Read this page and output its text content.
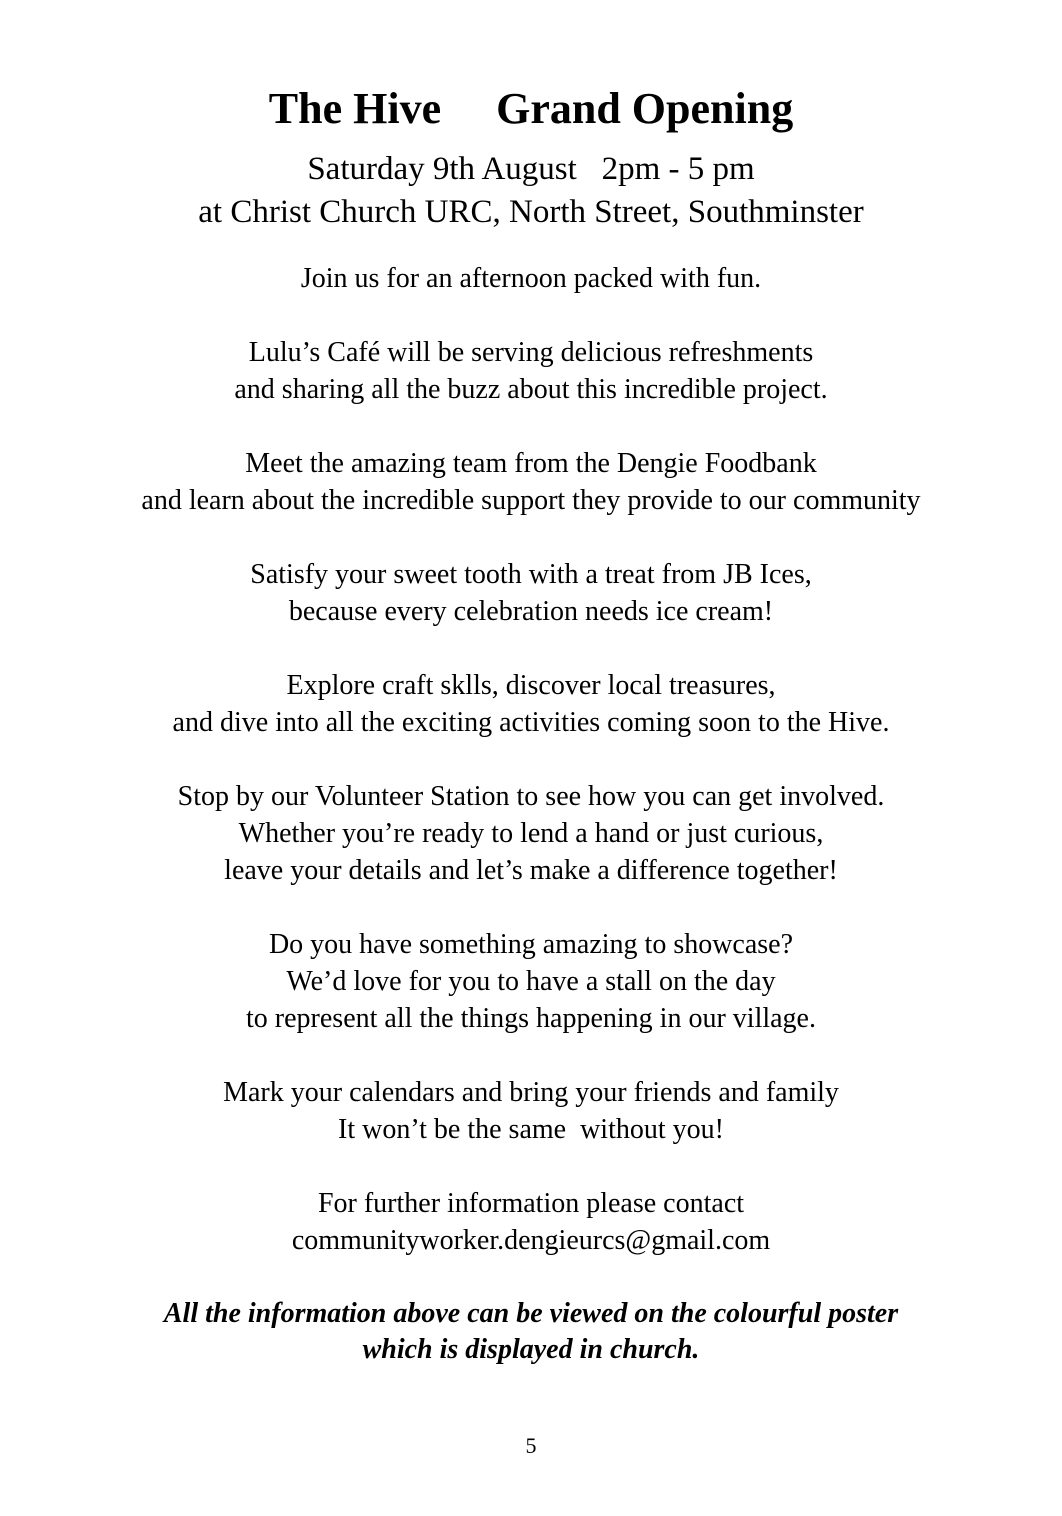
The Hive     Grand Opening
Saturday 9th August   2pm - 5 pm
at Christ Church URC, North Street, Southminster
Join us for an afternoon packed with fun.
Lulu’s Café will be serving delicious refreshments
and sharing all the buzz about this incredible project.
Meet the amazing team from the Dengie Foodbank
and learn about the incredible support they provide to our community
Satisfy your sweet tooth with a treat from JB Ices,
because every celebration needs ice cream!
Explore craft sklls, discover local treasures,
and dive into all the exciting activities coming soon to the Hive.
Stop by our Volunteer Station to see how you can get involved.
Whether you’re ready to lend a hand or just curious,
leave your details and let’s make a difference together!
Do you have something amazing to showcase?
We’d love for you to have a stall on the day
to represent all the things happening in our village.
Mark your calendars and bring your friends and family
It won’t be the same  without you!
For further information please contact
communityworker.dengieurcs@gmail.com
All the information above can be viewed on the colourful poster
which is displayed in church.
5
